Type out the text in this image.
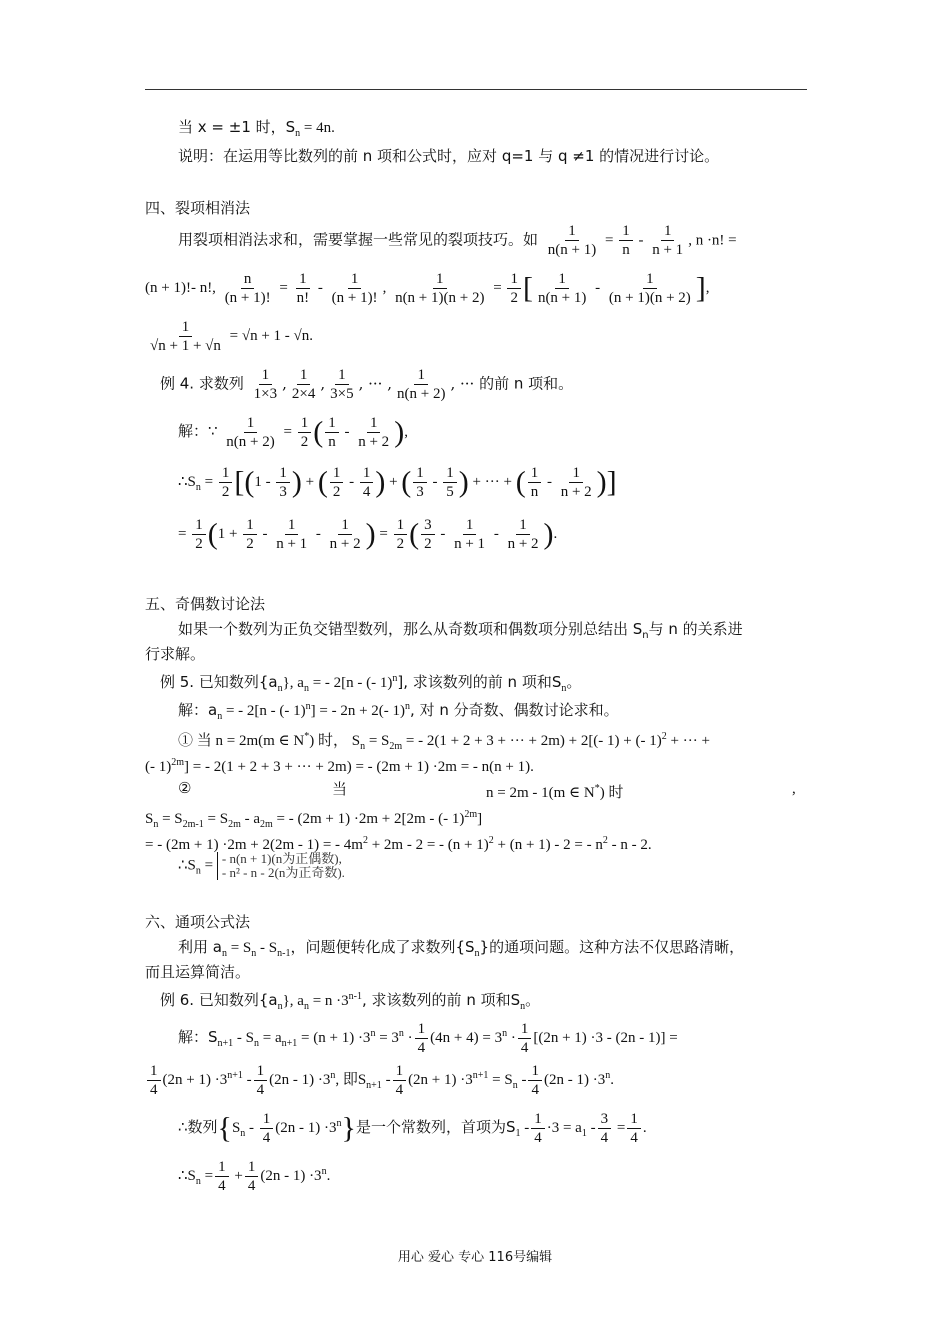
当 x = ±1 时，$S_n = 4n$.
说明：在运用等比数列的前 n 项和公式时，应对 q=1 与 q ≠1 的情况进行讨论。
四、裂项相消法
用裂项相消法求和，需要掌握一些常见的裂项技巧。如 $\frac{1}{n(n + 1)} = \frac{1}{n} - \frac{1}{n + 1}$ , n ·n! =
(n + 1)!- n!, $\frac{n}{(n + 1)!} = \frac{1}{n!} - \frac{1}{(n + 1)!}$ , $\frac{1}{n(n + 1)(n + 2)} = \frac{1}{2}$ [ $\frac{1}{n(n + 1)} - \frac{1}{(n + 1)(n + 2)}$ ],
$\frac{1}{√n + 1 + √n} = √n + 1 - √n$.
例 4. 求数列 $\frac{1}{1\times 3}$ , $\frac{1}{2\times 4}$ , $\frac{1}{3\times 5}$ , ··· , $\frac{1}{n(n + 2)}$ , ··· 的前 n 项和。
解：∵ $\frac{1}{n(n + 2)} = \frac{1}{2}$ ( $\frac{1}{n} - \frac{1}{n + 2}$ ),
$\therefore S_n = \frac{1}{2} [(1 - \frac{1}{3}$ ) + ( $\frac{1}{2} - \frac{1}{4}$ ) + ( $\frac{1}{3} - \frac{1}{5}$ ) + ··· + ( $\frac{1}{n} - \frac{1}{n + 2}$ )]
= $\frac{1}{2} (1 + \frac{1}{2} - \frac{1}{n + 1} - \frac{1}{n + 2}$ ) = $\frac{1}{2}$ ( $\frac{3}{2} - \frac{1}{n + 1} - \frac{1}{n + 2}$ ).
五、奇偶数讨论法
如果一个数列为正负交错型数列，那么从奇数项和偶数项分别总结出 $S_n$与 n 的关系进
行求解。
例 5. 已知数列$\{a_n\}$, $a_n$ = - 2[n - (- 1)$^n$], 求该数列的前 n 项和$S_n$。
解：$a_n$ = - 2[n - (- 1)$^n$] = - 2n + 2(- 1)$^n$, 对 n 分奇数、偶数讨论求和。
① 当 n = 2m(m ∈ N*) 时， $S_n = S_{2m}$ = - 2(1 + 2 + 3 + ··· + 2m) + 2[(- 1) + (- 1)$^2$ + ··· +
(- 1)$^{2m}$] = - 2(1 + 2 + 3 + ··· + 2m) = - (2m + 1) ·2m = - n(n + 1).
②	当	n = 2m - 1(m ∈ N*) 时	,
$S_n = S_{2m-1} = S_{2m} - a_{2m}$ = - (2m + 1) ·2m + 2[2m - (- 1)$^{2m}$]
= - (2m + 1) ·2m + 2(2m - 1) = - $4m^2 + 2m - 2$ = - $(n + 1)^2 + (n + 1) - 2$ = - $n^2$ - n - 2.
$\therefore S_n$ = - n(n + 1)(n为正偶数),
- n² - n - 2(n为正奇数).
六、通项公式法
利用 $a_n = S_n - S_{n-1}$，问题便转化成了求数列$\{S_n\}$的通项问题。这种方法不仅思路清晰，
而且运算简洁。
例 6. 已知数列$\{a_n\}$, $a_n = n \cdot 3^{n-1}$, 求该数列的前 n 项和$S_n$。
解：$S_{n+1} - S_n = a_{n+1} = (n + 1) \cdot 3^n = 3^n \cdot \frac{1}{4} (4n + 4) = 3^n \cdot \frac{1}{4} [(2n + 1) \cdot 3 - (2n - 1)]$ =
$\frac{1}{4} (2n + 1) \cdot 3^{n+1} - \frac{1}{4} (2n - 1) \cdot 3^n$, 即$S_{n+1} - \frac{1}{4} (2n + 1) \cdot 3^{n+1} = S_n - \frac{1}{4} (2n - 1) \cdot 3^n$.
∴数列$\{S_n - \frac{1}{4} (2n - 1) \cdot 3^n\}$是一个常数列，首项为$S_1 - \frac{1}{4} \cdot 3 = a_1 - \frac{3}{4} = \frac{1}{4}$ .
$\therefore S_n = \frac{1}{4} + \frac{1}{4} (2n - 1) \cdot 3^n$.
用心 爱心 专心 116号编辑
